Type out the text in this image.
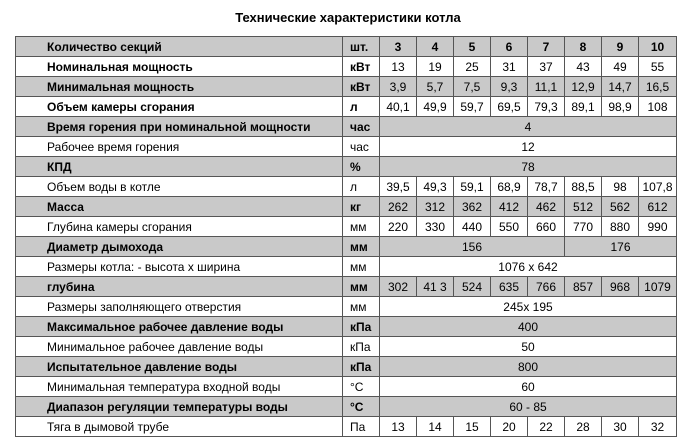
Технические характеристики котла
Количество секций	шт.	3	4	5	6	7	8	9	10
Номинальная мощность	кВт	13	19	25	31	37	43	49	55
Минимальная мощность	кВт	3,9	5,7	7,5	9,3	11,1	12,9	14,7	16,5
Объем камеры сгорания	л	40,1	49,9	59,7	69,5	79,3	89,1	98,9	108
Время горения при номинальной мощности	час	4							
Рабочее время горения	час	12							
КПД	%	78							
Объем воды в котле	л	39,5	49,3	59,1	68,9	78,7	88,5	98	107,8
Масса	кг	262	312	362	412	462	512	562	612
Глубина камеры сгорания	мм	220	330	440	550	660	770	880	990
Диаметр дымохода	мм	156					176		
Размеры котла: - высота х ширина	мм	1076 х 642							
глубина	мм	302	41 3	524	635	766	857	968	1079
Размеры заполняющего отверстия	мм	245х 195							
Максимальное рабочее давление воды	кПа	400							
Минимальное рабочее давление воды	кПа	50							
Испытательное давление воды	кПа	800							
Минимальная температура входной воды	°С	60							
Диапазон регуляции температуры воды	°С	60 - 85							
Тяга в дымовой трубе	Па	13	14	15	20	22	28	30	32
